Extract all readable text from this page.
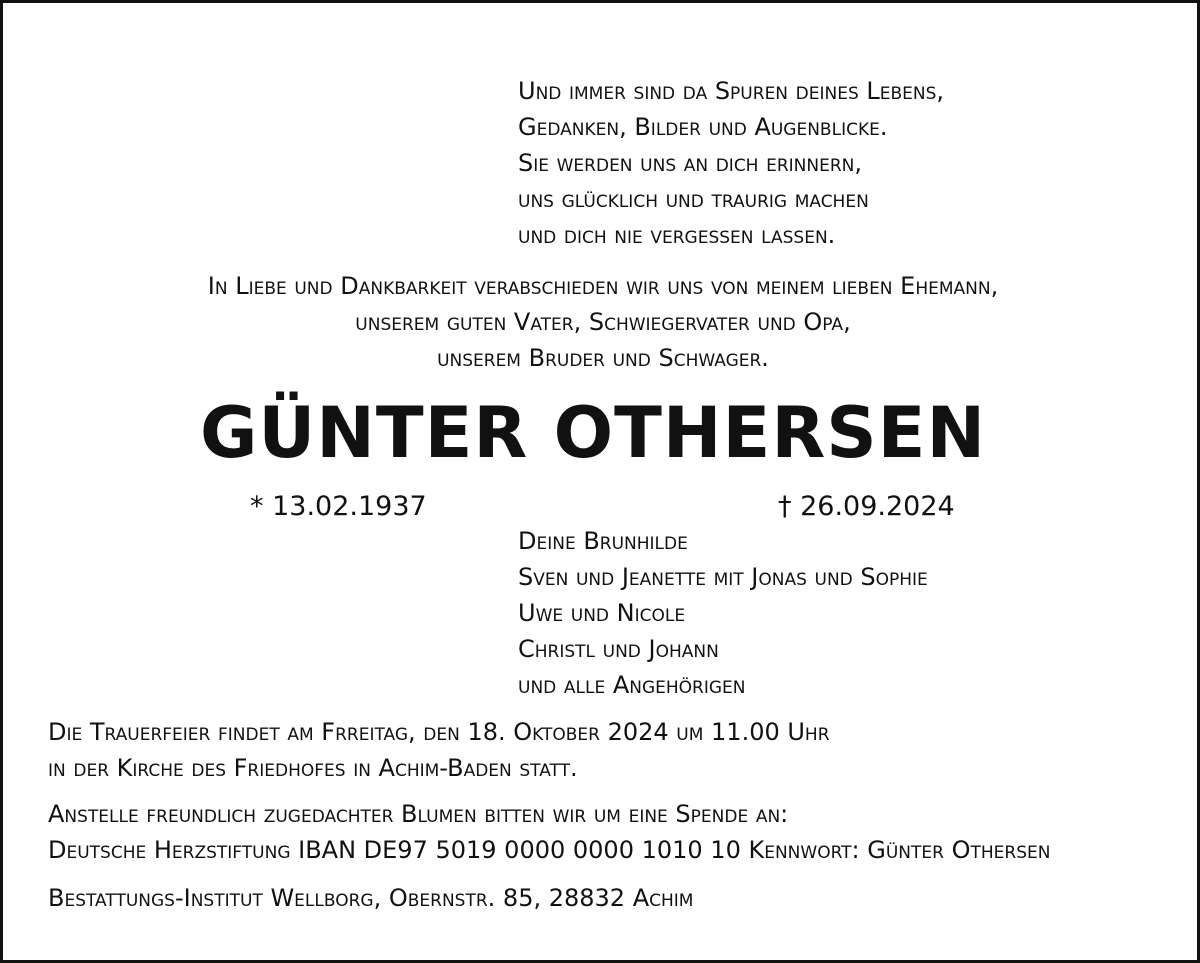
Und immer sind da Spuren deines Lebens,
Gedanken, Bilder und Augenblicke.
Sie werden uns an dich erinnern,
uns glücklich und traurig machen
und dich nie vergessen lassen.
In Liebe und Dankbarkeit verabschieden wir uns von meinem lieben Ehemann,
unserem guten Vater, Schwiegervater und Opa,
unserem Bruder und Schwager.
GÜNTER OTHERSEN
* 13.02.1937	† 26.09.2024
Deine Brunhilde
Sven und Jeanette mit Jonas und Sophie
Uwe und Nicole
Christl und Johann
und alle Angehörigen
Die Trauerfeier findet am Frreitag, den 18. Oktober 2024 um 11.00 Uhr
in der Kirche des Friedhofes in Achim-Baden statt.
Anstelle freundlich zugedachter Blumen bitten wir um eine Spende an:
Deutsche Herzstiftung IBAN DE97 5019 0000 0000 1010 10 Kennwort: Günter Othersen
Bestattungs-Institut Wellborg, Obernstr. 85, 28832 Achim
